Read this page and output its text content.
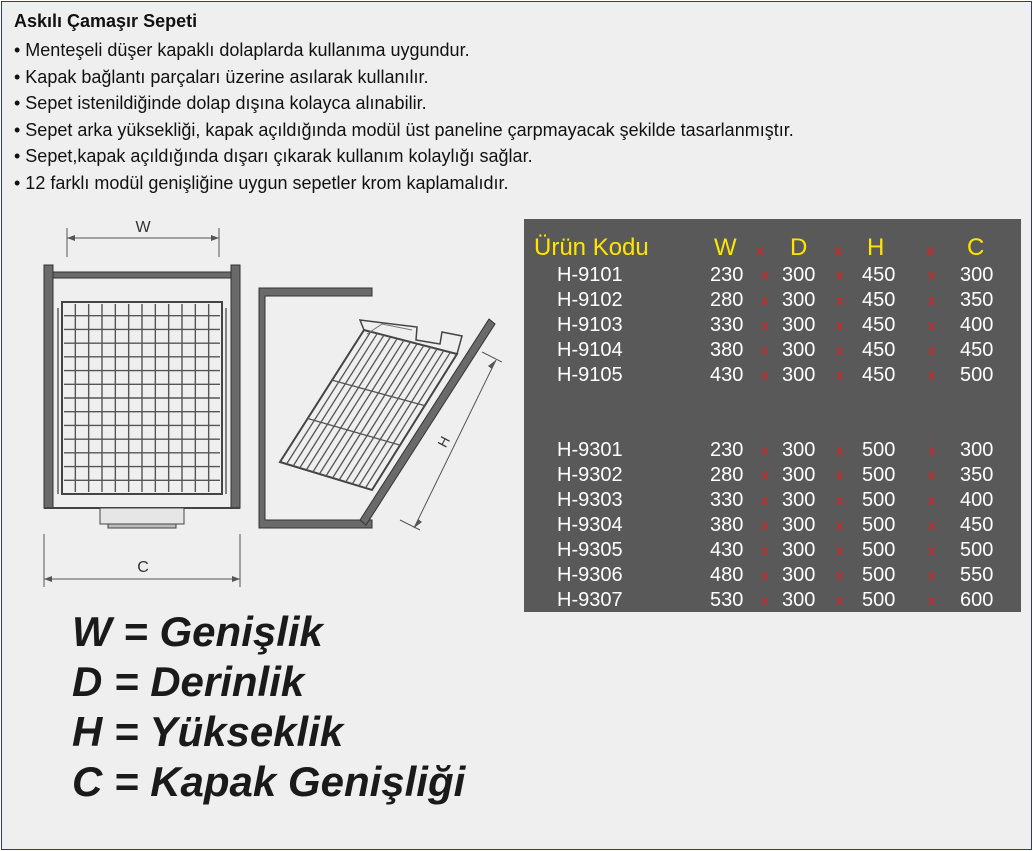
Askılı Çamaşır Sepeti
• Menteşeli düşer kapaklı dolaplarda kullanıma uygundur.
• Kapak bağlantı parçaları üzerine asılarak kullanılır.
• Sepet istenildiğinde dolap dışına kolayca alınabilir.
• Sepet arka yüksekliği, kapak açıldığında modül üst paneline çarpmayacak şekilde tasarlanmıştır.
• Sepet,kapak açıldığında dışarı çıkarak kullanım kolaylığı sağlar.
• 12 farklı modül genişliğine uygun sepetler krom kaplamalıdır.
W
C
H
Ürün Kodu	W x D x H x C
H-9101	230 x 300 x 450 x 300
H-9102	280 x 300 x 450 x 350
H-9103	330 x 300 x 450 x 400
H-9104	380 x 300 x 450 x 450
H-9105	430 x 300 x 450 x 500
H-9301	230 x 300 x 500 x 300
H-9302	280 x 300 x 500 x 350
H-9303	330 x 300 x 500 x 400
H-9304	380 x 300 x 500 x 450
H-9305	430 x 300 x 500 x 500
H-9306	480 x 300 x 500 x 550
H-9307	530 x 300 x 500 x 600
W = Genişlik
D = Derinlik
H = Yükseklik
C = Kapak Genişliği
